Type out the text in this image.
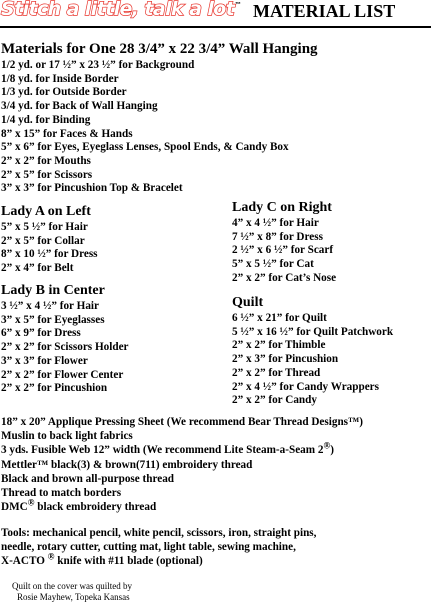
Stitch a little, talk a lot ™ MATERIAL LIST
Materials for One 28 3/4” x 22 3/4” Wall Hanging
1/2 yd. or 17 ½” x 23 ½” for Background
1/8 yd. for Inside Border
1/3 yd. for Outside Border
3/4 yd. for Back of Wall Hanging
1/4 yd. for Binding
8” x 15” for Faces & Hands
5” x 6” for Eyes, Eyeglass Lenses, Spool Ends, & Candy Box
2” x 2” for Mouths
2” x 5” for Scissors
3” x 3” for Pincushion Top & Bracelet
Lady A on Left
5” x 5 ½” for Hair
2” x 5” for Collar
8” x 10 ½” for Dress
2” x 4” for Belt
Lady B in Center
3 ½” x 4 ½” for Hair
3” x 5” for Eyeglasses
6” x 9” for Dress
2” x 2” for Scissors Holder
3” x 3” for Flower
2” x 2” for Flower Center
2” x 2” for Pincushion
Lady C on Right
4” x 4 ½” for Hair
7 ½” x 8” for Dress
2 ½” x 6 ½” for Scarf
5” x 5 ½” for Cat
2” x 2” for Cat’s Nose
Quilt
6 ½” x 21” for Quilt
5 ½” x 16 ½” for Quilt Patchwork
2” x 2” for Thimble
2” x 3” for Pincushion
2” x 2” for Thread
2” x 4 ½” for Candy Wrappers
2” x 2” for Candy
18” x 20” Applique Pressing Sheet (We recommend Bear Thread Designs™)
Muslin to back light fabrics
3 yds. Fusible Web 12” width (We recommend Lite Steam-a-Seam 2®)
Mettler™ black(3) & brown(711) embroidery thread
Black and brown all-purpose thread
Thread to match borders
DMC® black embroidery thread
Tools: mechanical pencil, white pencil, scissors, iron, straight pins,
needle, rotary cutter, cutting mat, light table, sewing machine,
X-ACTO ® knife with #11 blade (optional)
Quilt on the cover was quilted by
Rosie Mayhew, Topeka Kansas
